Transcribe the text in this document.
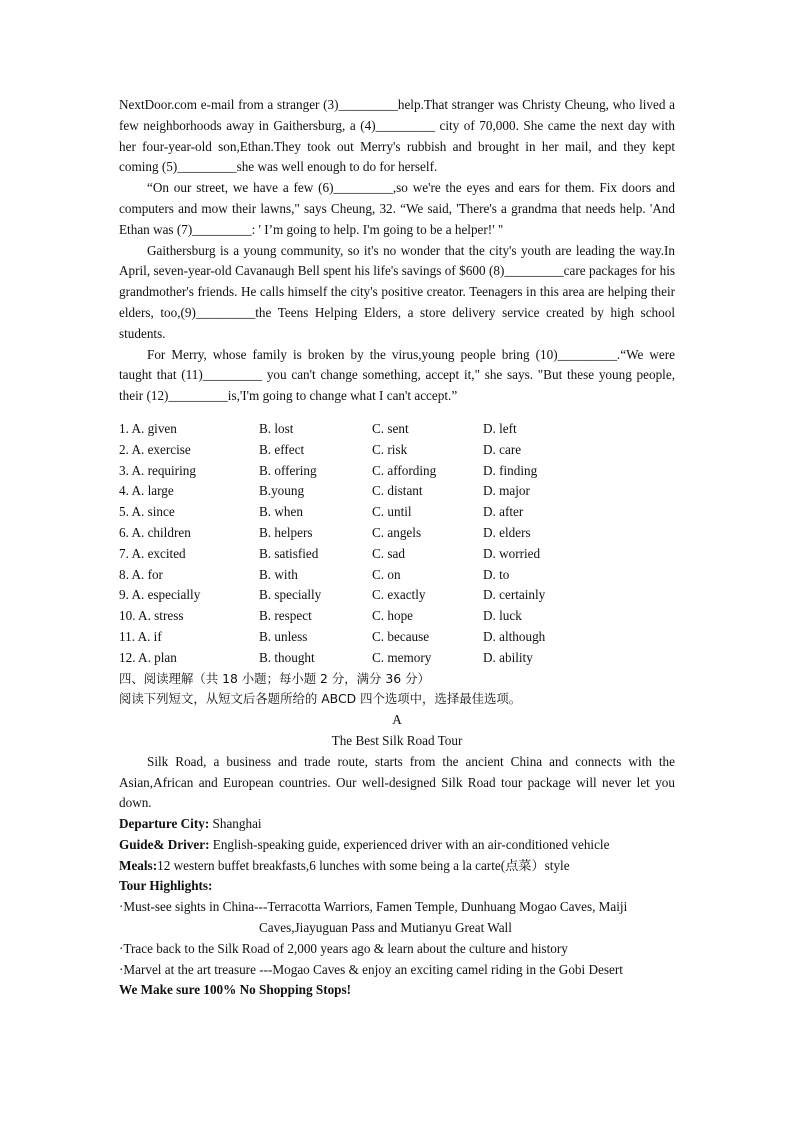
NextDoor.com e-mail from a stranger (3)_________help.That stranger was Christy Cheung, who lived a few neighborhoods away in Gaithersburg, a (4)_________ city of 70,000. She came the next day with her four-year-old son,Ethan.They took out Merry's rubbish and brought in her mail, and they kept coming (5)_________she was well enough to do for herself.

“On our street, we have a few (6)_________,so we're the eyes and ears for them. Fix doors and computers and mow their lawns," says Cheung, 32. “We said, 'There's a grandma that needs help. 'And Ethan was (7)_________: ' I’m going to help. I'm going to be a helper!' "

Gaithersburg is a young community, so it's no wonder that the city's youth are leading the way.In April, seven-year-old Cavanaugh Bell spent his life's savings of $600 (8)_________care packages for his grandmother's friends. He calls himself the city's positive creator. Teenagers in this area are helping their elders, too,(9)_________the Teens Helping Elders, a store delivery service created by high school students.

For Merry, whose family is broken by the virus,young people bring (10)_________.“We were taught that (11)_________ you can't change something, accept it," she says. "But these young people, their (12)_________is,'I'm going to change what I can't accept.”

1. A. given	B. lost	C. sent	D. left
2. A. exercise	B. effect	C. risk	D. care
3. A. requiring	B. offering	C. affording	D. finding
4. A. large	B.young	C. distant	D. major
5. A. since	B. when	C. until	D. after
6. A. children	B. helpers	C. angels	D. elders
7. A. excited	B. satisfied	C. sad	D. worried
8. A. for	B. with	C. on	D. to
9. A. especially	B. specially	C. exactly	D. certainly
10. A. stress	B. respect	C. hope	D. luck
11. A. if	B. unless	C. because	D. although
12. A. plan	B. thought	C. memory	D. ability

四、阅读理解（共 18 小题；每小题 2 分，满分 36 分）

阅读下列短文，从短文后各题所给的 ABCD 四个选项中，选择最佳选项。

A

The Best Silk Road Tour

Silk Road, a business and trade route, starts from the ancient China and connects with the Asian,African and European countries. Our well-designed Silk Road tour package will never let you down.

Departure City: Shanghai

Guide& Driver: English-speaking guide, experienced driver with an air-conditioned vehicle

Meals:12 western buffet breakfasts,6 lunches with some being a la carte(点菜）style

Tour Highlights:

·Must-see sights in China---Terracotta Warriors, Famen Temple, Dunhuang Mogao Caves, Maiji

Caves,Jiayuguan Pass and Mutianyu Great Wall

·Trace back to the Silk Road of 2,000 years ago & learn about the culture and history

·Marvel at the art treasure ---Mogao Caves & enjoy an exciting camel riding in the Gobi Desert

We Make sure 100% No Shopping Stops!
